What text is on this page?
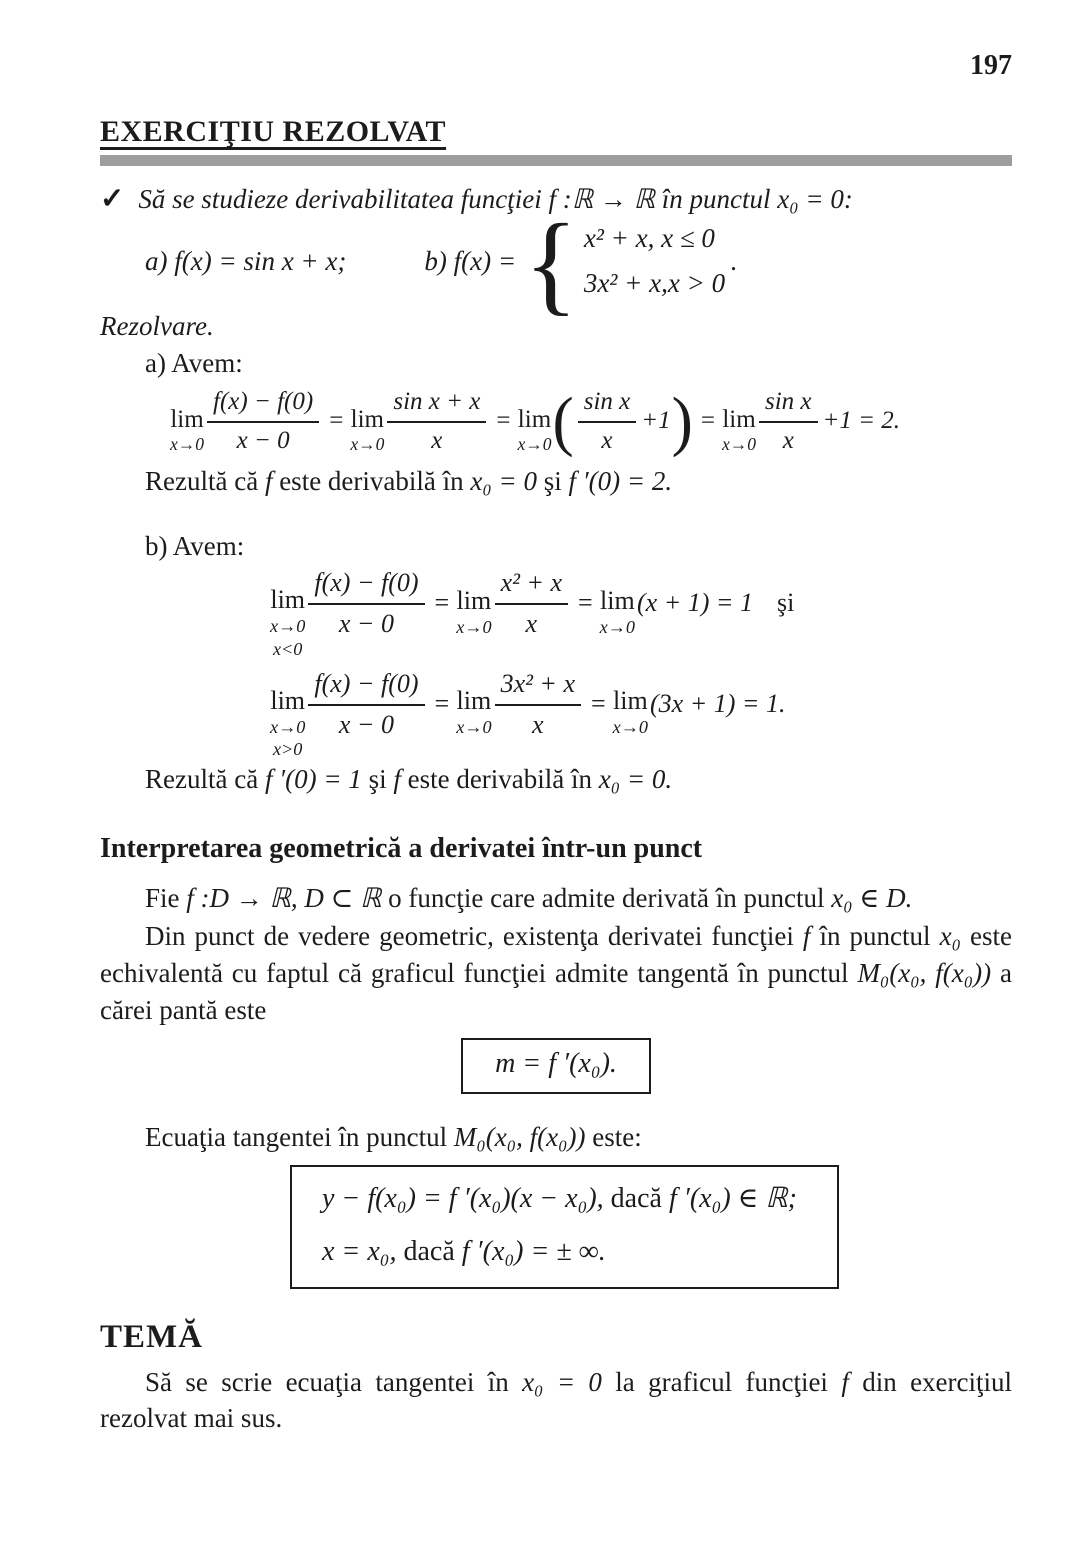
197
EXERCIŢIU REZOLVAT
✓ Să se studieze derivabilitatea funcţiei f :ℝ → ℝ în punctul x₀ = 0:
a) f(x) = sin x + x;	b) f(x) = { x² + x, x ≤ 0
3x² + x,x > 0
.

Rezolvare.

a) Avem:

lim
$x\to 0 \frac{f(x) - f(0)}{x - 0} = \lim$
$x\to 0 \frac{\text{sin x + x}}{x} = \lim$
x→0 ( $\frac{\text{sin x}}{x} +1$ ) = lim
$x\to 0 \frac{\text{sin x}}{x} +1 = 2$.

Rezultă că f este derivabilă în x₀ = 0 şi f ′(0) = 2.

b) Avem:

lim
x→0
x<0
$\frac{f(x) - f(0)}{x - 0} = \lim$
$x\to 0 \frac{\text{x² + x}}{x} = \lim$
x→0
(x + 1) = 1 şi
lim
x→0
x>0
$\frac{f(x) - f(0)}{x - 0} = \lim$
$x\to 0 \frac{\text{3x² + x}}{x} = \lim$
x→0
(3x + 1) = 1.

Rezultă că f ′(0) = 1 şi f este derivabilă în x₀ = 0.

Interpretarea geometrică a derivatei într-un punct

Fie f :D → ℝ, D ⊂ ℝ o funcţie care admite derivată în punctul x₀ ∈ D.

Din punct de vedere geometric, existenţa derivatei funcţiei f în punctul x₀ este echivalentă cu faptul că graficul funcţiei admite tangentă în punctul M₀(x₀, f(x₀)) a cărei pantă este

m = f ′(x₀).

Ecuaţia tangentei în punctul M₀(x₀, f(x₀)) este:

y − f(x₀) = f ′(x₀)(x − x₀), dacă f ′(x₀) ∈ ℝ;
x = x₀, dacă f ′(x₀) = ± ∞.
TEMĂ

Să se scrie ecuaţia tangentei în x₀ = 0 la graficul funcţiei f din exerciţiul rezolvat mai sus.
